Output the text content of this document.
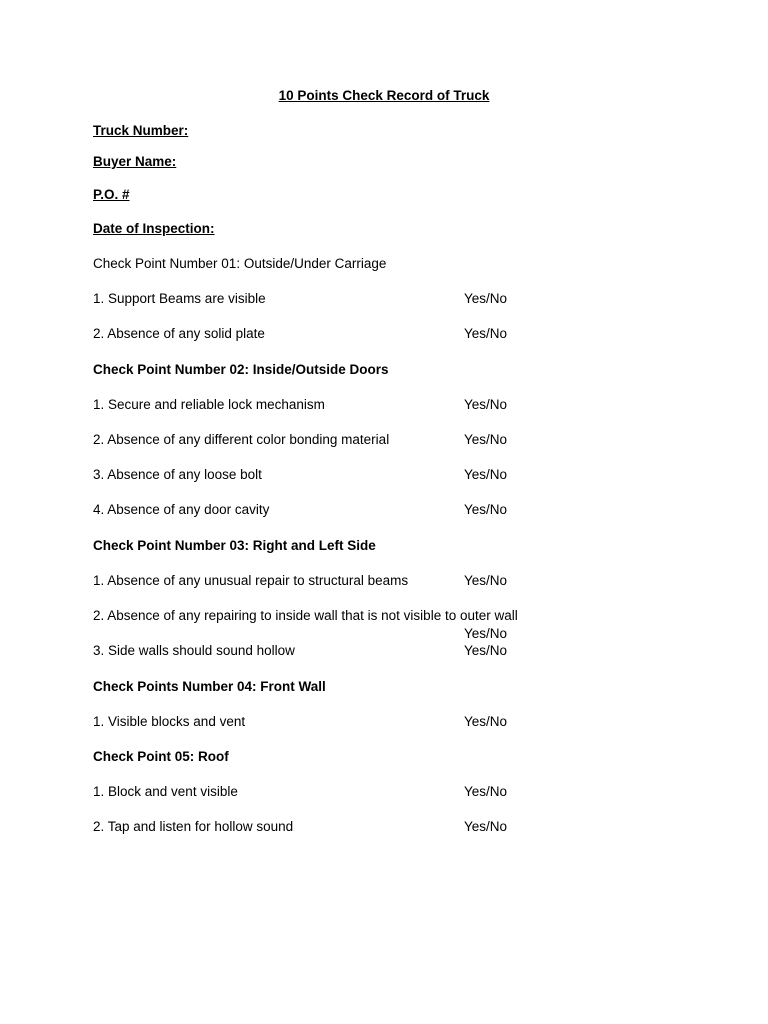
10 Points Check Record of Truck
Truck Number:
Buyer Name:
P.O. #
Date of Inspection:
Check Point Number 01: Outside/Under Carriage
1. Support Beams are visible	Yes/No
2. Absence of any solid plate	Yes/No
Check Point Number 02: Inside/Outside Doors
1. Secure and reliable lock mechanism	Yes/No
2. Absence of any different color bonding material	Yes/No
3. Absence of any loose bolt	Yes/No
4. Absence of any door cavity	Yes/No
Check Point Number 03: Right and Left Side
1. Absence of any unusual repair to structural beams	Yes/No
2. Absence of any repairing to inside wall that is not visible to outer wall
Yes/No
3. Side walls should sound hollow	Yes/No
Check Points Number 04: Front Wall
1. Visible blocks and vent	Yes/No
Check Point 05: Roof
1. Block and vent visible	Yes/No
2. Tap and listen for hollow sound	Yes/No
